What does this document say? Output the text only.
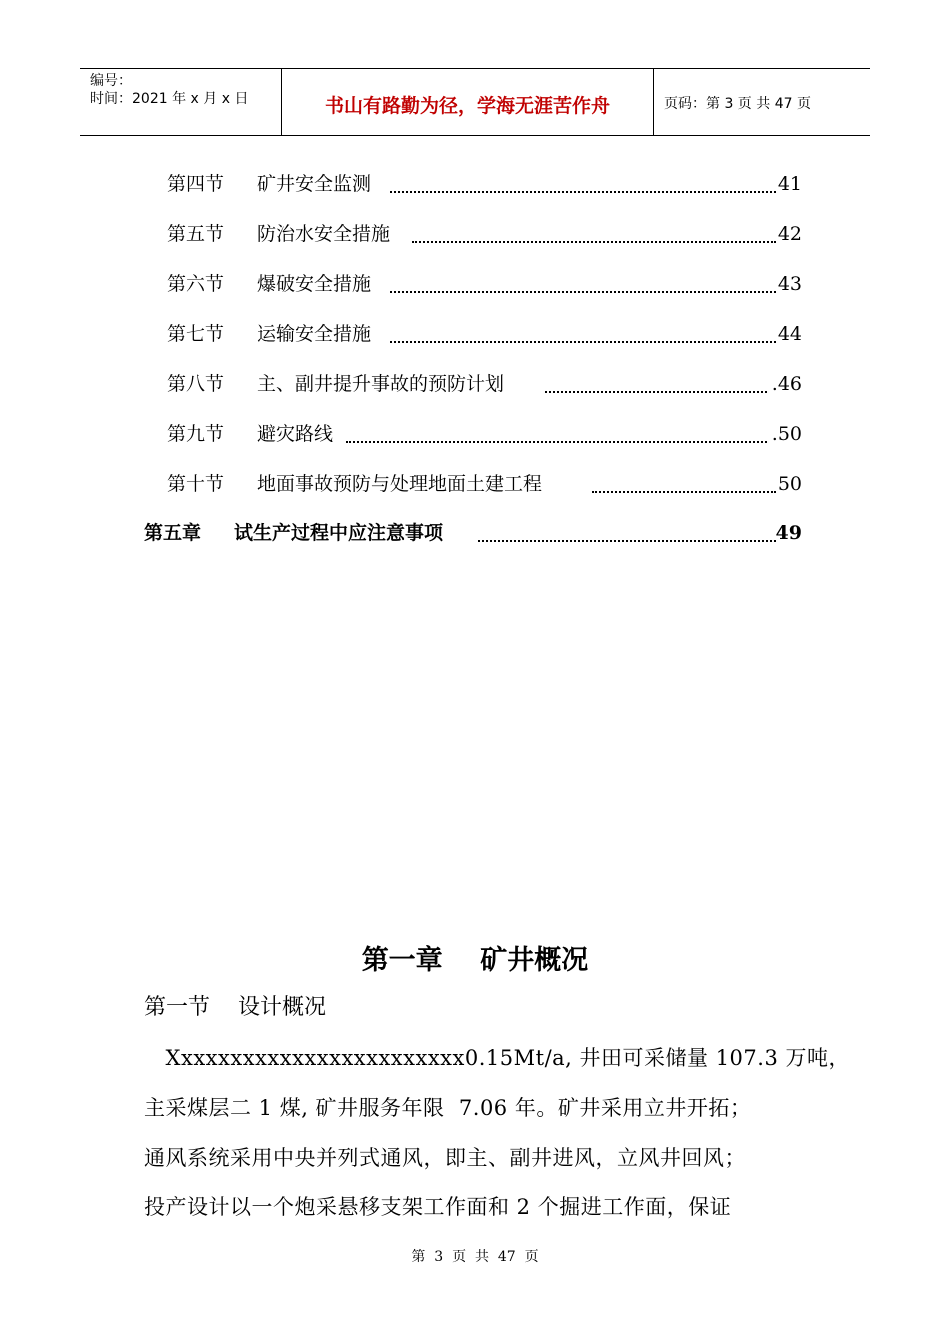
编号：
时间：2021 年 x 月 x 日	书山有路勤为径，学海无涯苦作舟	页码：第 3 页 共 47 页
第四节 矿井安全监测	41
第五节 防治水安全措施	42
第六节 爆破安全措施	43
第七节 运输安全措施	44
第八节 主、副井提升事故的预防计划	.46
第九节 避灾路线	.50
第十节 地面事故预防与处理地面土建工程	50
第五章 试生产过程中应注意事项	49
第一章    矿井概况
第一节    设计概况
Xxxxxxxxxxxxxxxxxxxxxxxx0.15Mt/a, 井田可采储量 107.3 万吨，
主采煤层二 1 煤, 矿井服务年限  7.06 年。矿井采用立井开拓；
通风系统采用中央并列式通风，即主、副井进风，立风井回风；
投产设计以一个炮采悬移支架工作面和 2 个掘进工作面，保证
第  3  页  共  47  页
